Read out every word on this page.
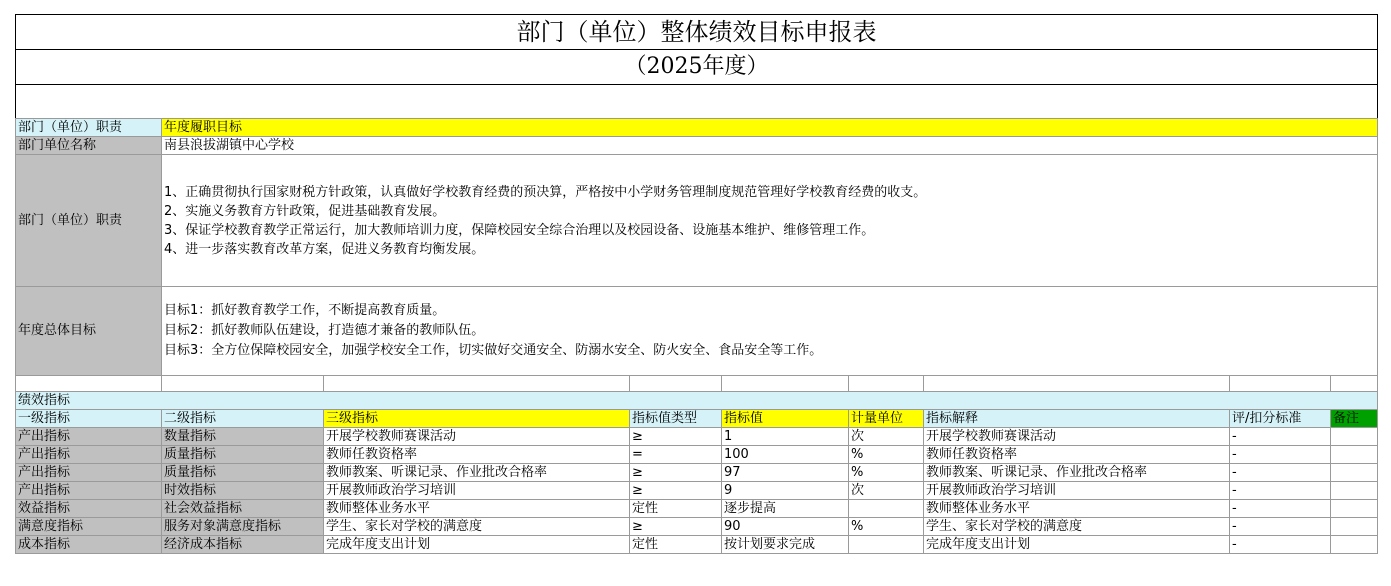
部门（单位）整体绩效目标申报表								
（2025年度）								

部门（单位）职责	年度履职目标							
部门单位名称	南县浪拔湖镇中心学校							
部门（单位）职责	1、正确贯彻执行国家财税方针政策，认真做好学校教育经费的预决算，严格按中小学财务管理制度规范管理好学校教育经费的收支。
2、实施义务教育方针政策，促进基础教育发展。
3、保证学校教育教学正常运行，加大教师培训力度，保障校园安全综合治理以及校园设备、设施基本维护、维修管理工作。
4、进一步落实教育改革方案，促进义务教育均衡发展。							
年度总体目标	目标1：抓好教育教学工作，不断提高教育质量。
目标2：抓好教师队伍建设，打造德才兼备的教师队伍。
目标3：全方位保障校园安全，加强学校安全工作，切实做好交通安全、防溺水安全、防火安全、食品安全等工作。							

绩效指标								
一级指标	二级指标	三级指标	指标值类型	指标值	计量单位	指标解释	评/扣分标准	备注
产出指标	数量指标	开展学校教师赛课活动	≥	1	次	开展学校教师赛课活动	-	
产出指标	质量指标	教师任教资格率	=	100	%	教师任教资格率	-	
产出指标	质量指标	教师教案、听课记录、作业批改合格率	≥	97	%	教师教案、听课记录、作业批改合格率	-	
产出指标	时效指标	开展教师政治学习培训	≥	9	次	开展教师政治学习培训	-	
效益指标	社会效益指标	教师整体业务水平	定性	逐步提高		教师整体业务水平	-	
满意度指标	服务对象满意度指标	学生、家长对学校的满意度	≥	90	%	学生、家长对学校的满意度	-	
成本指标	经济成本指标	完成年度支出计划	定性	按计划要求完成		完成年度支出计划	-	
